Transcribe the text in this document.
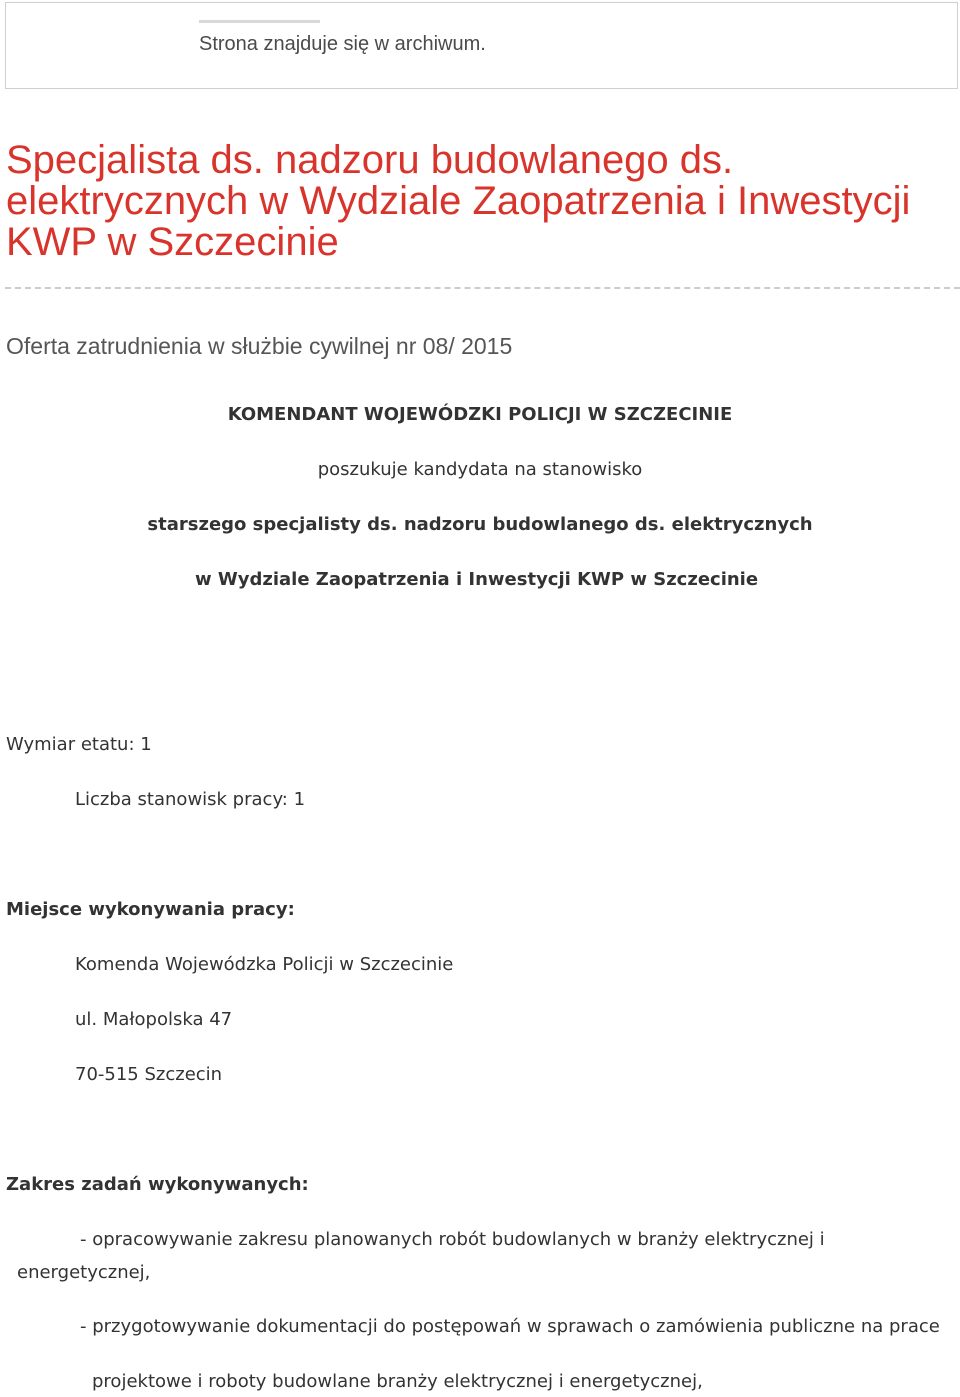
Strona znajduje się w archiwum.
Specjalista ds. nadzoru budowlanego ds. elektrycznych w Wydziale Zaopatrzenia i Inwestycji KWP w Szczecinie
Oferta zatrudnienia w służbie cywilnej nr 08/ 2015
KOMENDANT WOJEWÓDZKI POLICJI W SZCZECINIE
poszukuje kandydata na stanowisko
starszego specjalisty ds. nadzoru budowlanego ds. elektrycznych
w Wydziale Zaopatrzenia i Inwestycji KWP w Szczecinie
Wymiar etatu: 1
Liczba stanowisk pracy: 1
Miejsce wykonywania pracy:
Komenda Wojewódzka Policji w Szczecinie
ul. Małopolska 47
70-515 Szczecin
Zakres zadań wykonywanych:
- opracowywanie zakresu planowanych robót budowlanych w branży elektrycznej i
energetycznej,
- przygotowywanie dokumentacji do postępowań w sprawach o zamówienia publiczne na prace
projektowe i roboty budowlane branży elektrycznej i energetycznej,
